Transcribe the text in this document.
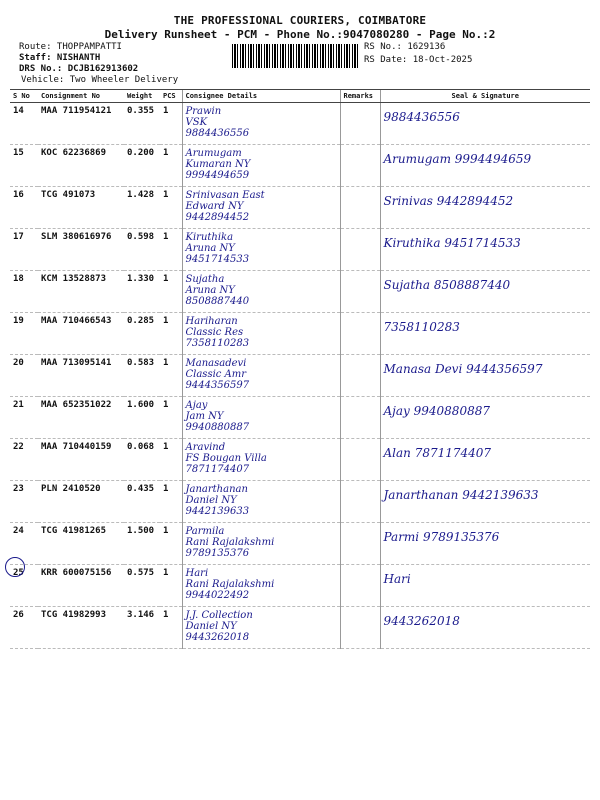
THE PROFESSIONAL COURIERS, COIMBATORE
Delivery Runsheet - PCM - Phone No.:9047080280 - Page No.:2
Route: THOPPAMPATTI
Staff: NISHANTH
DRS No.: DCJB162913602
Vehicle: Two Wheeler Delivery
RS No.: 1629136
RS Date: 18-Oct-2025
S No	Consignment No	Weight	PCS	Consignee Details	Remarks	Seal & Signature
14	MAA 711954121	0.355	1	Prawin
VSK
9884436556		9884436556

15	KOC 62236869	0.200	1	Arumugam
Kumaran NY
9994494659		Arumugam 9994494659

16	TCG 491073	1.428	1	Srinivasan East
Edward NY
9442894452		Srinivas 9442894452

17	SLM 380616976	0.598	1	Kiruthika
Aruna NY
9451714533		Kiruthika 9451714533

18	KCM 13528873	1.330	1	Sujatha
Aruna NY
8508887440		Sujatha 8508887440

19	MAA 710466543	0.285	1	Hariharan
Classic Res
7358110283		7358110283

20	MAA 713095141	0.583	1	Manasadevi
Classic Amr
9444356597		Manasa Devi 9444356597

21	MAA 652351022	1.600	1	Ajay
Jam NY
9940880887		Ajay 9940880887

22	MAA 710440159	0.068	1	Aravind
FS Bougan Villa
7871174407		Alan 7871174407

23	PLN 2410520	0.435	1	Janarthanan
Daniel NY
9442139633		Janarthanan 9442139633

24	TCG 41981265	1.500	1	Parmila
Rani Rajalakshmi
9789135376		Parmi 9789135376

25	KRR 600075156	0.575	1	Hari
Rani Rajalakshmi
9944022492		Hari

26	TCG 41982993	3.146	1	J.J. Collection
Daniel NY
9443262018		9443262018
